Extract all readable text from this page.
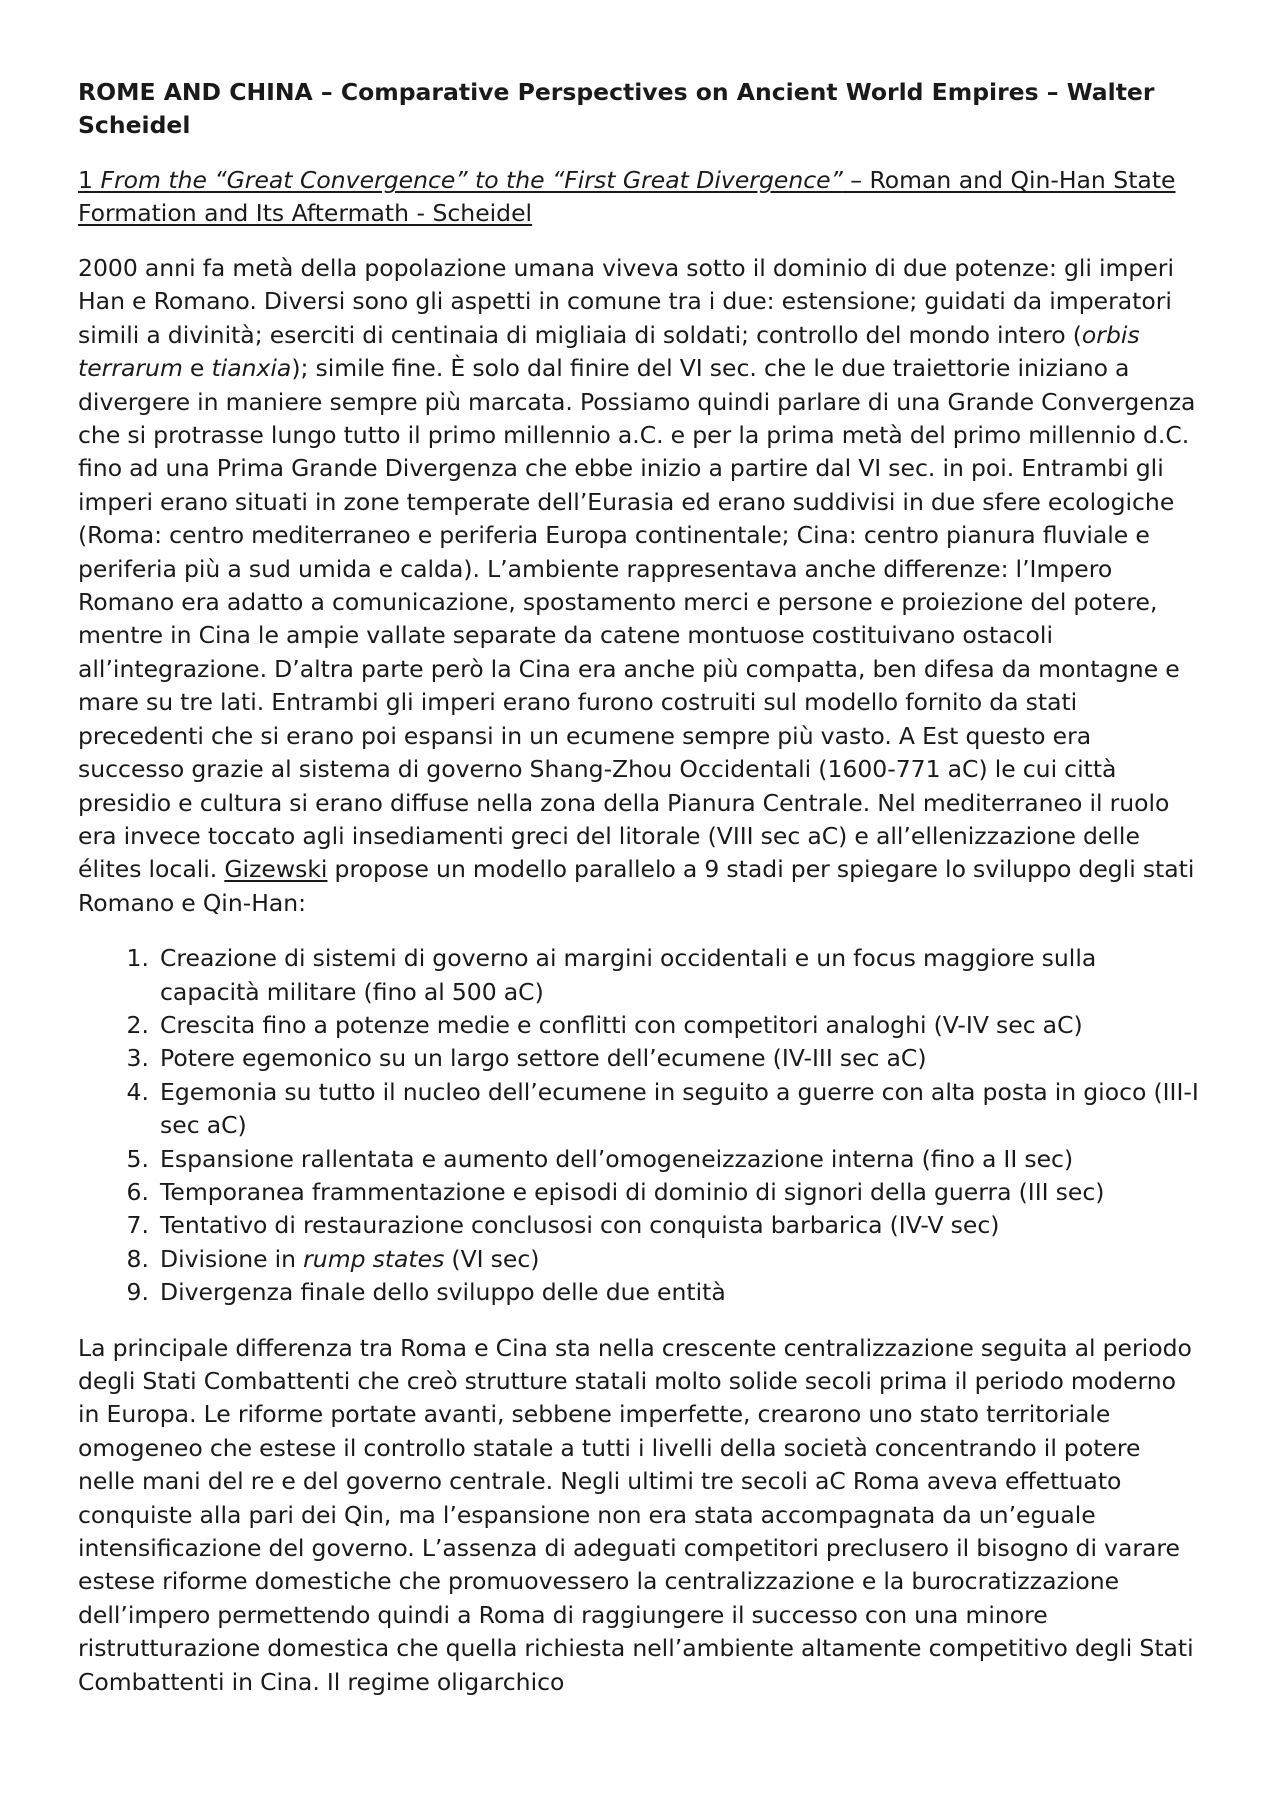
ROME AND CHINA – Comparative Perspectives on Ancient World Empires – Walter Scheidel

1 From the “Great Convergence” to the “First Great Divergence” – Roman and Qin-Han State Formation and Its Aftermath - Scheidel

2000 anni fa metà della popolazione umana viveva sotto il dominio di due potenze: gli imperi Han e Romano. Diversi sono gli aspetti in comune tra i due: estensione; guidati da imperatori simili a divinità; eserciti di centinaia di migliaia di soldati; controllo del mondo intero (orbis terrarum e tianxia); simile fine. È solo dal finire del VI sec. che le due traiettorie iniziano a divergere in maniere sempre più marcata. Possiamo quindi parlare di una Grande Convergenza che si protrasse lungo tutto il primo millennio a.C. e per la prima metà del primo millennio d.C. fino ad una Prima Grande Divergenza che ebbe inizio a partire dal VI sec. in poi. Entrambi gli imperi erano situati in zone temperate dell’Eurasia ed erano suddivisi in due sfere ecologiche (Roma: centro mediterraneo e periferia Europa continentale; Cina: centro pianura fluviale e periferia più a sud umida e calda). L’ambiente rappresentava anche differenze: l’Impero Romano era adatto a comunicazione, spostamento merci e persone e proiezione del potere, mentre in Cina le ampie vallate separate da catene montuose costituivano ostacoli all’integrazione. D’altra parte però la Cina era anche più compatta, ben difesa da montagne e mare su tre lati. Entrambi gli imperi erano furono costruiti sul modello fornito da stati precedenti che si erano poi espansi in un ecumene sempre più vasto. A Est questo era successo grazie al sistema di governo Shang-Zhou Occidentali (1600-771 aC) le cui città presidio e cultura si erano diffuse nella zona della Pianura Centrale. Nel mediterraneo il ruolo era invece toccato agli insediamenti greci del litorale (VIII sec aC) e all’ellenizzazione delle élites locali. Gizewski propose un modello parallelo a 9 stadi per spiegare lo sviluppo degli stati Romano e Qin-Han:

1. Creazione di sistemi di governo ai margini occidentali e un focus maggiore sulla capacità militare (fino al 500 aC)
2. Crescita fino a potenze medie e conflitti con competitori analoghi (V-IV sec aC)
3. Potere egemonico su un largo settore dell’ecumene (IV-III sec aC)
4. Egemonia su tutto il nucleo dell’ecumene in seguito a guerre con alta posta in gioco (III-I sec aC)
5. Espansione rallentata e aumento dell’omogeneizzazione interna (fino a II sec)
6. Temporanea frammentazione e episodi di dominio di signori della guerra (III sec)
7. Tentativo di restaurazione conclusosi con conquista barbarica (IV-V sec)
8. Divisione in rump states (VI sec)
9. Divergenza finale dello sviluppo delle due entità

La principale differenza tra Roma e Cina sta nella crescente centralizzazione seguita al periodo degli Stati Combattenti che creò strutture statali molto solide secoli prima il periodo moderno in Europa. Le riforme portate avanti, sebbene imperfette, crearono uno stato territoriale omogeneo che estese il controllo statale a tutti i livelli della società concentrando il potere nelle mani del re e del governo centrale. Negli ultimi tre secoli aC Roma aveva effettuato conquiste alla pari dei Qin, ma l’espansione non era stata accompagnata da un’eguale intensificazione del governo. L’assenza di adeguati competitori preclusero il bisogno di varare estese riforme domestiche che promuovessero la centralizzazione e la burocratizzazione dell’impero permettendo quindi a Roma di raggiungere il successo con una minore ristrutturazione domestica che quella richiesta nell’ambiente altamente competitivo degli Stati Combattenti in Cina. Il regime oligarchico
